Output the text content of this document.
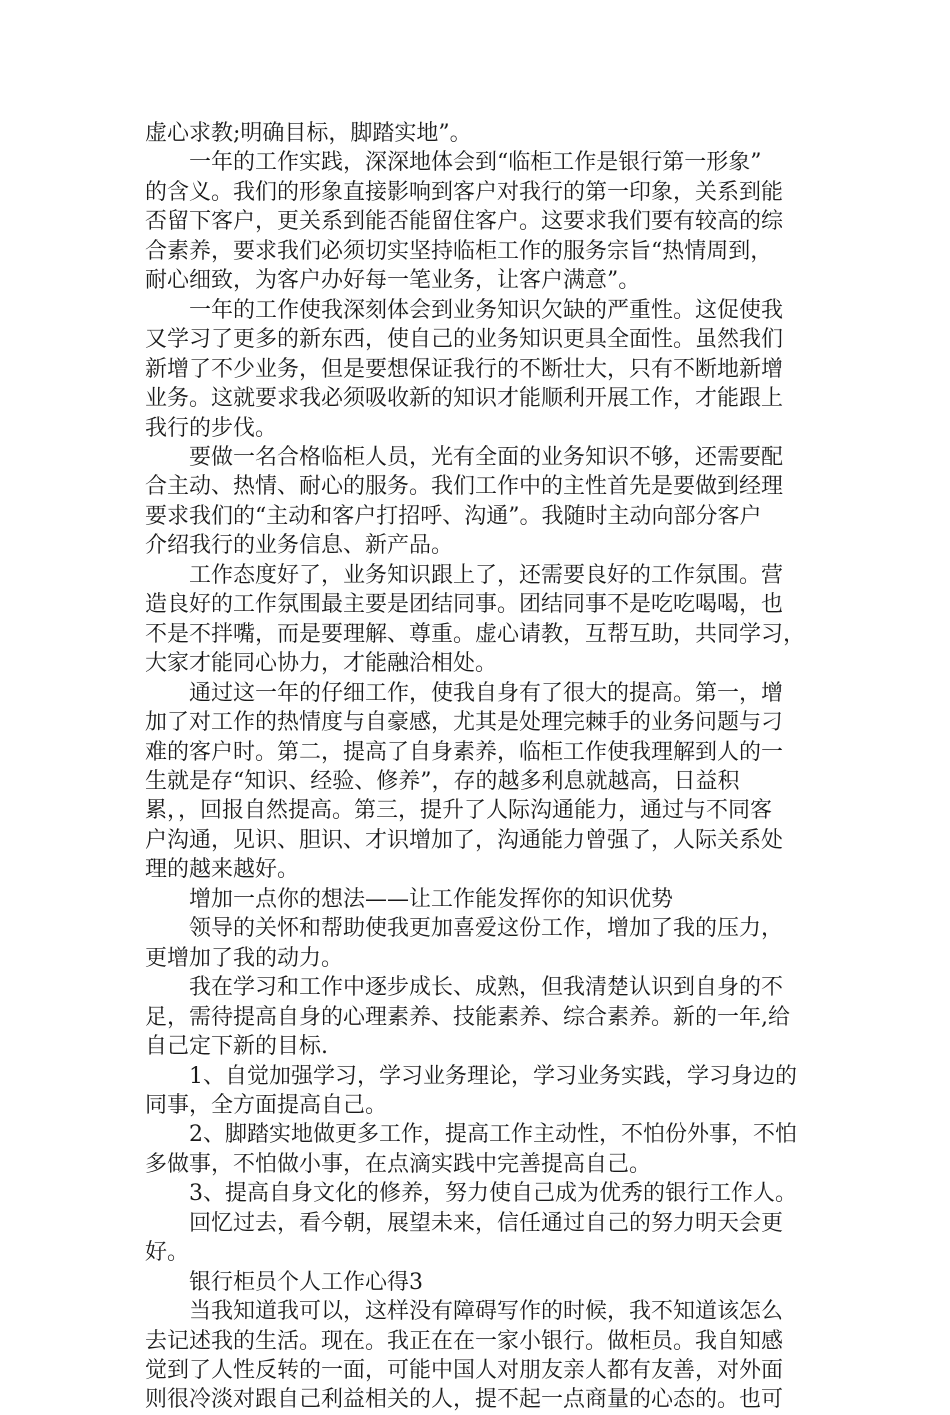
虚心求教;明确目标，脚踏实地”。
一年的工作实践，深深地体会到“临柜工作是银行第一形象”
的含义。我们的形象直接影响到客户对我行的第一印象，关系到能
否留下客户，更关系到能否能留住客户。这要求我们要有较高的综
合素养，要求我们必须切实坚持临柜工作的服务宗旨“热情周到，
耐心细致，为客户办好每一笔业务，让客户满意”。
一年的工作使我深刻体会到业务知识欠缺的严重性。这促使我
又学习了更多的新东西，使自己的业务知识更具全面性。虽然我们
新增了不少业务，但是要想保证我行的不断壮大，只有不断地新增
业务。这就要求我必须吸收新的知识才能顺利开展工作，才能跟上
我行的步伐。
要做一名合格临柜人员，光有全面的业务知识不够，还需要配
合主动、热情、耐心的服务。我们工作中的主性首先是要做到经理
要求我们的“主动和客户打招呼、沟通”。我随时主动向部分客户
介绍我行的业务信息、新产品。
工作态度好了，业务知识跟上了，还需要良好的工作氛围。营
造良好的工作氛围最主要是团结同事。团结同事不是吃吃喝喝，也
不是不拌嘴，而是要理解、尊重。虚心请教，互帮互助，共同学习，
大家才能同心协力，才能融洽相处。
通过这一年的仔细工作，使我自身有了很大的提高。第一，增
加了对工作的热情度与自豪感，尤其是处理完棘手的业务问题与刁
难的客户时。第二，提高了自身素养，临柜工作使我理解到人的一
生就是存“知识、经验、修养”，存的越多利息就越高，日益积
累，，回报自然提高。第三，提升了人际沟通能力，通过与不同客
户沟通，见识、胆识、才识增加了，沟通能力曾强了，人际关系处
理的越来越好。
增加一点你的想法——让工作能发挥你的知识优势
领导的关怀和帮助使我更加喜爱这份工作，增加了我的压力，
更增加了我的动力。
我在学习和工作中逐步成长、成熟，但我清楚认识到自身的不
足，需待提高自身的心理素养、技能素养、综合素养。新的一年,给
自己定下新的目标.
1、自觉加强学习，学习业务理论，学习业务实践，学习身边的
同事，全方面提高自己。
2、脚踏实地做更多工作，提高工作主动性，不怕份外事，不怕
多做事，不怕做小事，在点滴实践中完善提高自己。
3、提高自身文化的修养，努力使自己成为优秀的银行工作人。
回忆过去，看今朝，展望未来，信任通过自己的努力明天会更
好。
银行柜员个人工作心得3
当我知道我可以，这样没有障碍写作的时候，我不知道该怎么
去记述我的生活。现在。我正在在一家小银行。做柜员。我自知感
觉到了人性反转的一面，可能中国人对朋友亲人都有友善，对外面
则很冷淡对跟自己利益相关的人，提不起一点商量的心态的。也可
